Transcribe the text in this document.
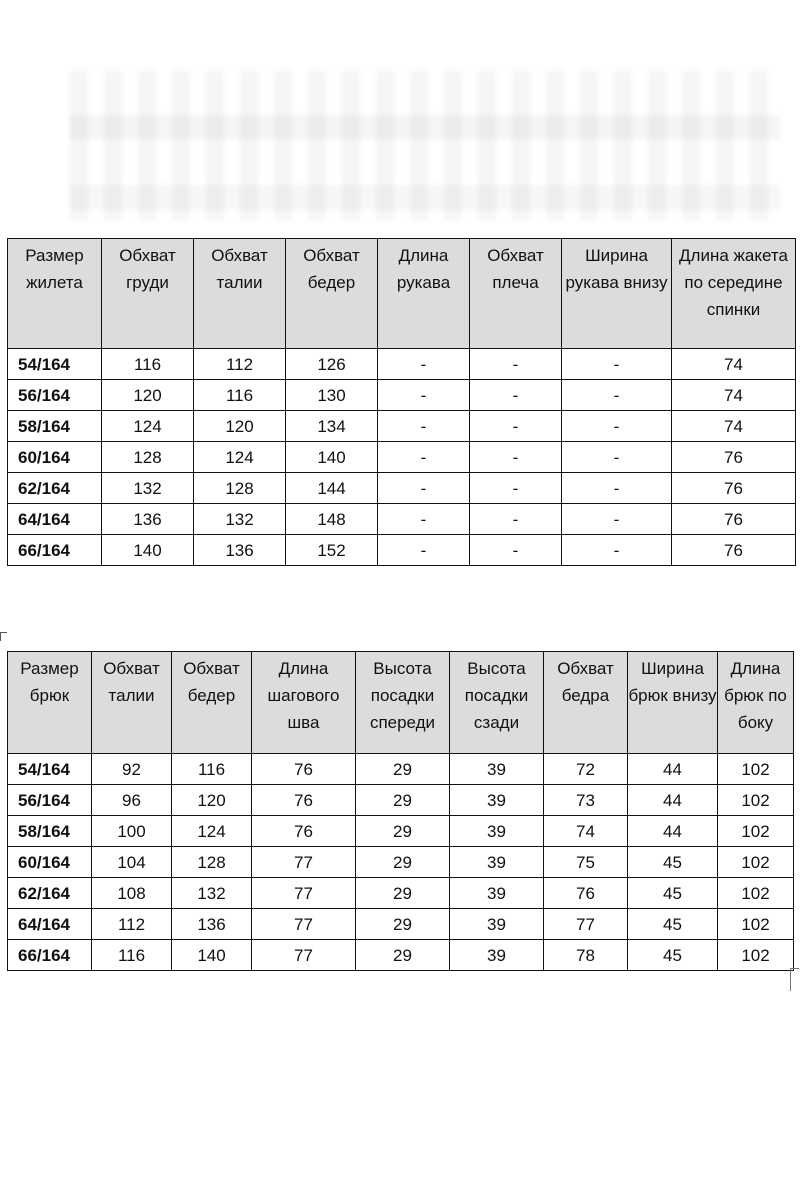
Размер жилета	Обхват груди	Обхват талии	Обхват бедер	Длина рукава	Обхват плеча	Ширина рукава внизу	Длина жакета по середине спинки
54/164	116	112	126	-	-	-	74
56/164	120	116	130	-	-	-	74
58/164	124	120	134	-	-	-	74
60/164	128	124	140	-	-	-	76
62/164	132	128	144	-	-	-	76
64/164	136	132	148	-	-	-	76
66/164	140	136	152	-	-	-	76
Размер брюк	Обхват талии	Обхват бедер	Длина шагового шва	Высота посадки спереди	Высота посадки сзади	Обхват бедра	Ширина брюк внизу	Длина брюк по боку
54/164	92	116	76	29	39	72	44	102
56/164	96	120	76	29	39	73	44	102
58/164	100	124	76	29	39	74	44	102
60/164	104	128	77	29	39	75	45	102
62/164	108	132	77	29	39	76	45	102
64/164	112	136	77	29	39	77	45	102
66/164	116	140	77	29	39	78	45	102
